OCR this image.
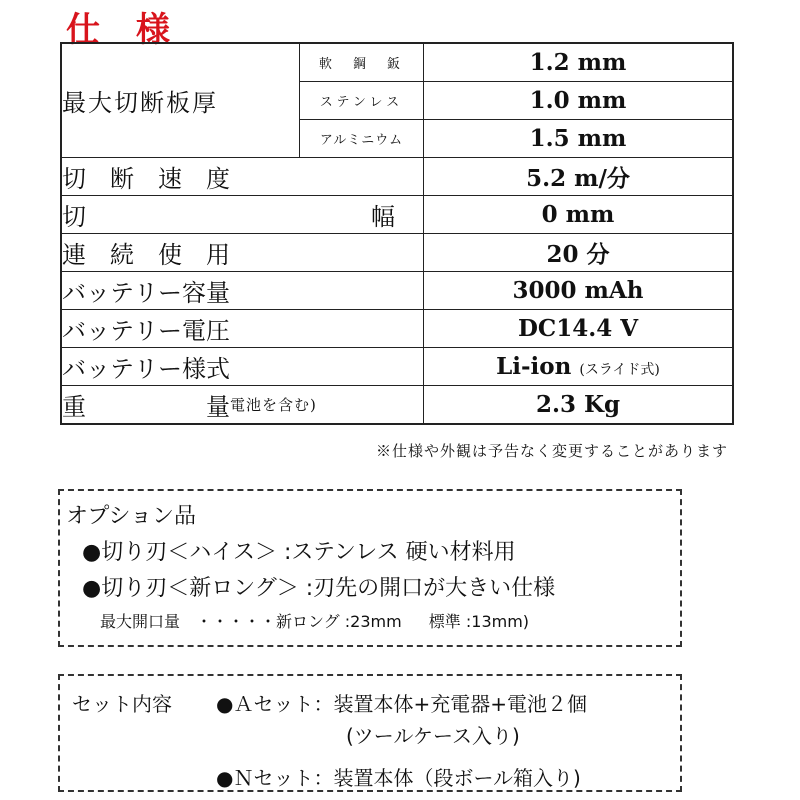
仕 様
最大切断板厚	軟　鋼　鈑	1.2 mm
	ステンレス	1.0 mm
	アルミニウム	1.5 mm
切　断　速　度		5.2 m/分

切 幅		0 mm
連　続　使　用		20 分
バッテリー容量		3000 mAh
バッテリー電圧		DC14.4 V
バッテリー様式		Li-ion (スライド式)

重 量 電池を含む)		2.3 Kg
※仕様や外観は予告なく変更することがあります
オプション品
●切り刃＜ハイス＞ :ステンレス 硬い材料用
●切り刃＜新ロング＞ :刃先の開口が大きい仕様
最大開口量　・・・・・新ロング :23mm 標準 :13mm)
セット内容 ●Ａセット：装置本体+充電器+電池２個
(ツールケース入り)
●Ｎセット：装置本体（段ボール箱入り)
